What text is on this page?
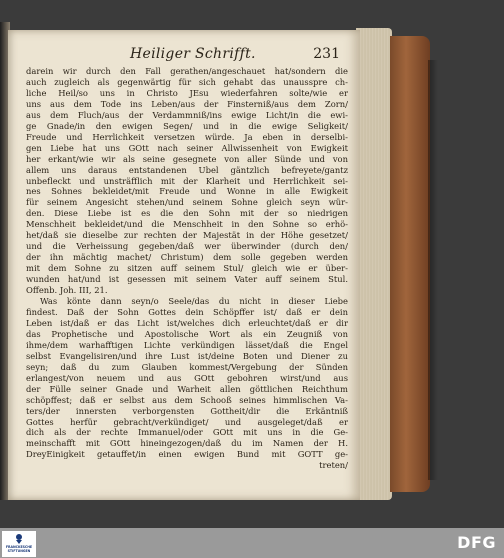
Heiliger Schrifft.	231
darein wir durch den Fall gerathen/angeschauet hat/sondern die
auch zugleich als gegenwärtig für sich gehabt das unausspre ch-
liche Heil/so uns in Christo JEsu wiederfahren solte/wie er
uns aus dem Tode ins Leben/aus der Finsterniß/aus dem Zorn/
aus dem Fluch/aus der Verdammniß/ins ewige Licht/in die ewi-
ge Gnade/in den ewigen Segen/ und in die ewige Seligkeit/
Freude und Herrlichkeit versetzen würde. Ja eben in derselbi-
gen Liebe hat uns GOtt nach seiner Allwissenheit von Ewigkeit
her erkant/wie wir als seine gesegnete von aller Sünde und von
allem uns daraus entstandenen Ubel gäntzlich befreyete/gantz
unbefleckt und unsträfflich mit der Klarheit und Herrlichkeit sei-
nes Sohnes bekleidet/mit Freude und Wonne in alle Ewigkeit
für seinem Angesicht stehen/und seinem Sohne gleich seyn wür-
den. Diese Liebe ist es die den Sohn mit der so niedrigen
Menschheit bekleidet/und die Menschheit in den Sohne so erhö-
het/daß sie dieselbe zur rechten der Majestät in der Höhe gesetzet/
und die Verheissung gegeben/daß wer überwinder (durch den/
der ihn mächtig machet/ Christum) dem solle gegeben werden
mit dem Sohne zu sitzen auff seinem Stul/ gleich wie er über-
wunden hat/und ist gesessen mit seinem Vater auff seinem Stul.
Offenb. Joh. III, 21.
Was könte dann seyn/o Seele/das du nicht in dieser Liebe
findest. Daß der Sohn Gottes dein Schöpffer ist/ daß er dein
Leben ist/daß er das Licht ist/welches dich erleuchtet/daß er dir
das Prophetische und Apostolische Wort als ein Zeugniß von
ihme/dem warhafftigen Lichte verkündigen lässet/daß die Engel
selbst Evangelisiren/und ihre Lust ist/deine Boten und Diener zu
seyn; daß du zum Glauben kommest/Vergebung der Sünden
erlangest/von neuem und aus GOtt gebohren wirst/und aus
der Fülle seiner Gnade und Warheit allen göttlichen Reichthum
schöpffest; daß er selbst aus dem Schooß seines himmlischen Va-
ters/der innersten verborgensten Gottheit/dir die Erkäntniß
Gottes herfür gebracht/verkündiget/ und ausgeleget/daß er
dich als der rechte Immanuel/oder GOtt mit uns in die Ge-
meinschafft mit GOtt hineingezogen/daß du im Namen der H.
DreyEinigkeit getauffet/in einen ewigen Bund mit GOTT ge-
treten/
FRANCKESCHE STIFTUNGEN	DFG
